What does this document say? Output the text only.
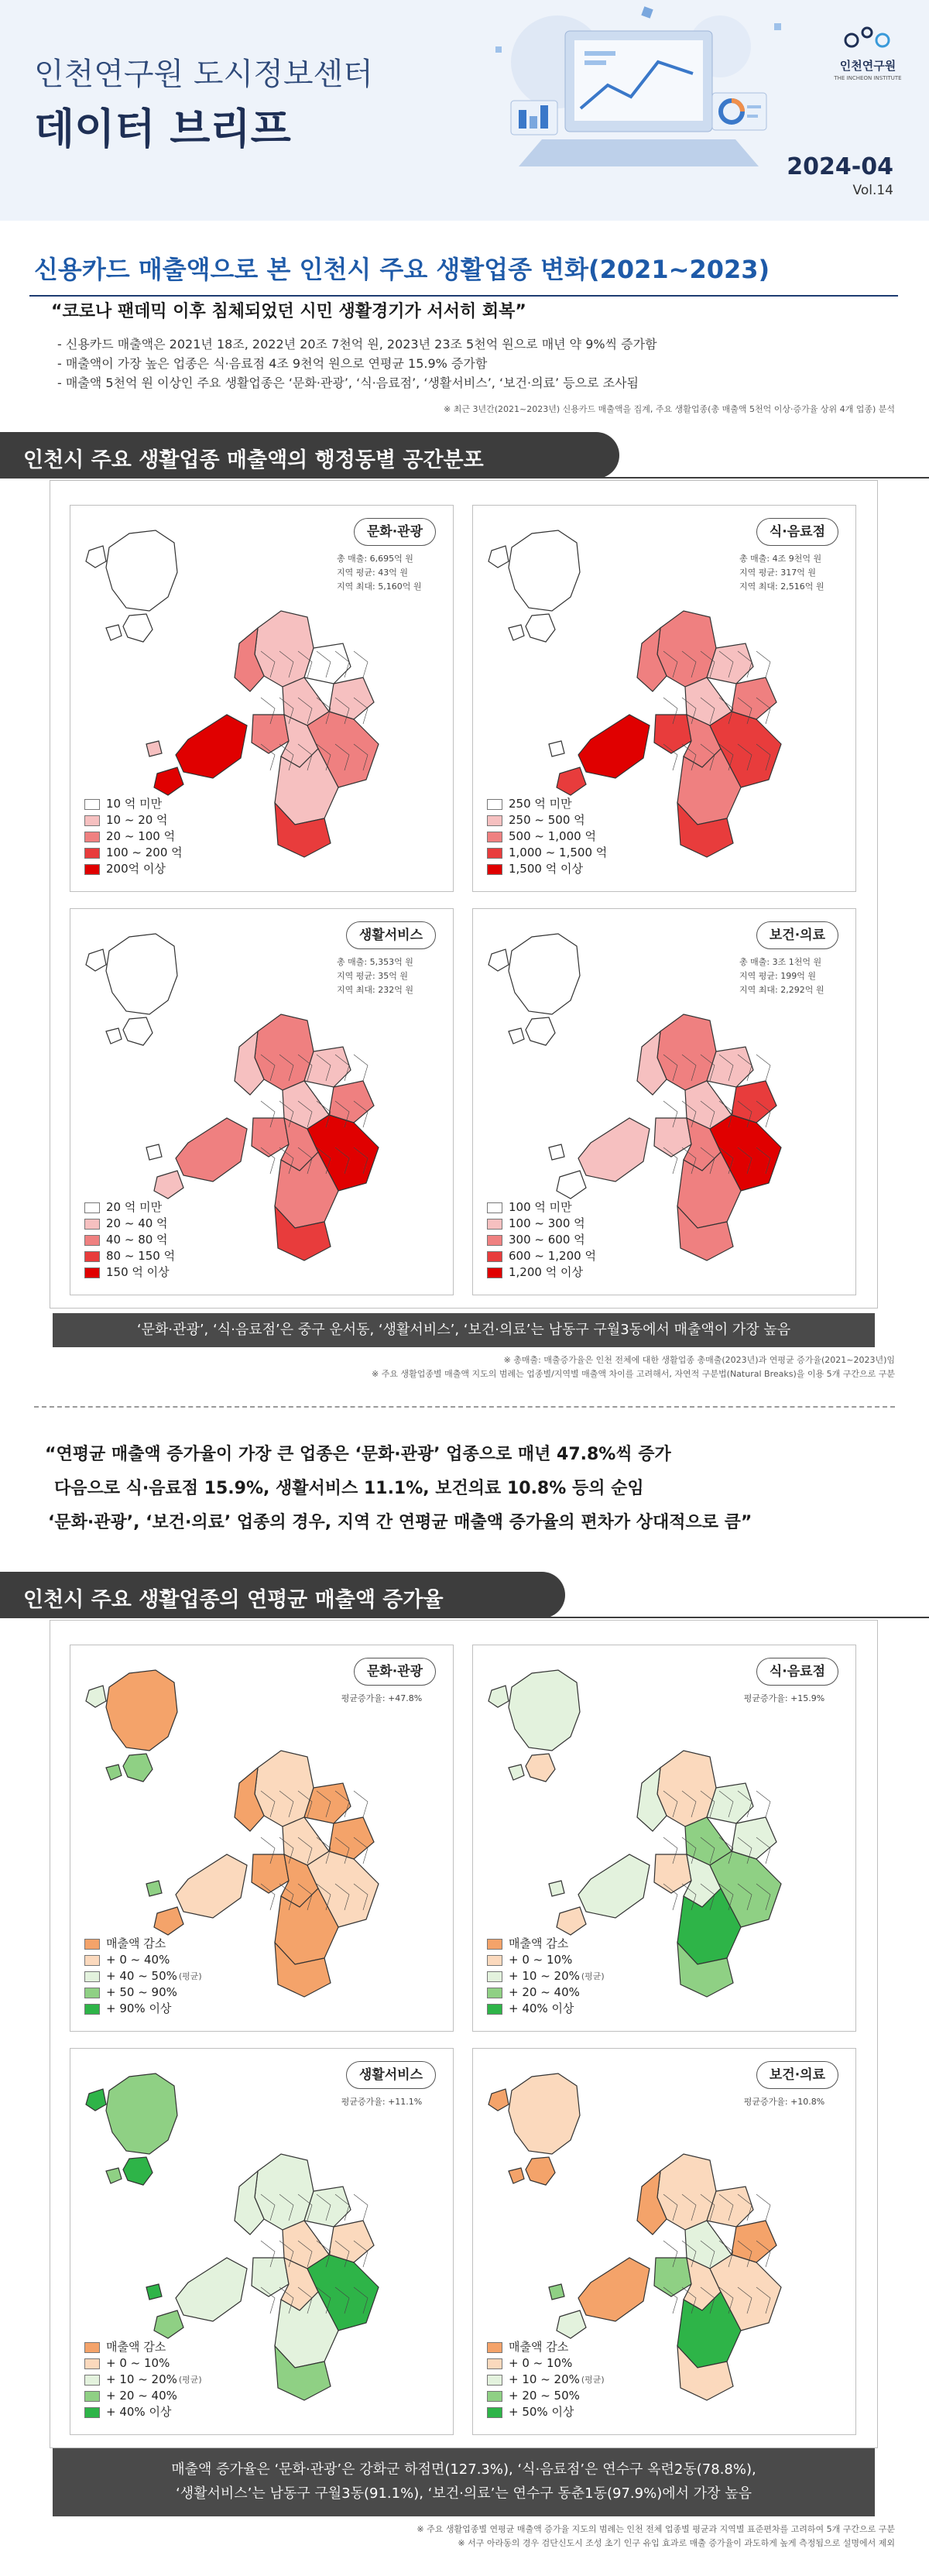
인천연구원 도시정보센터
데이터 브리프
인천연구원
THE INCHEON INSTITUTE
2024-04
Vol.14
신용카드 매출액으로 본 인천시 주요 생활업종 변화(2021~2023)
“코로나 팬데믹 이후 침체되었던 시민 생활경기가 서서히 회복”
- 신용카드 매출액은 2021년 18조, 2022년 20조 7천억 원, 2023년 23조 5천억 원으로 매년 약 9%씩 증가함
- 매출액이 가장 높은 업종은 식·음료점 4조 9천억 원으로 연평균 15.9% 증가함
- 매출액 5천억 원 이상인 주요 생활업종은 ‘문화·관광’, ‘식·음료점’, ‘생활서비스’, ‘보건·의료’ 등으로 조사됨
※ 최근 3년간(2021~2023년) 신용카드 매출액을 집계, 주요 생활업종(총 매출액 5천억 이상·증가율 상위 4개 업종) 분석
인천시 주요 생활업종 매출액의 행정동별 공간분포
문화·관광
총 매출: 6,695억 원
지역 평균: 43억 원
지역 최대: 5,160억 원
10 억 미만
10 ~ 20 억
20 ~ 100 억
100 ~ 200 억
200억 이상
식·음료점
총 매출: 4조 9천억 원
지역 평균: 317억 원
지역 최대: 2,516억 원
250 억 미만
250 ~ 500 억
500 ~ 1,000 억
1,000 ~ 1,500 억
1,500 억 이상
생활서비스
총 매출: 5,353억 원
지역 평균: 35억 원
지역 최대: 232억 원
20 억 미만
20 ~ 40 억
40 ~ 80 억
80 ~ 150 억
150 억 이상
보건·의료
총 매출: 3조 1천억 원
지역 평균: 199억 원
지역 최대: 2,292억 원
100 억 미만
100 ~ 300 억
300 ~ 600 억
600 ~ 1,200 억
1,200 억 이상
‘문화·관광’, ‘식·음료점’은 중구 운서동, ‘생활서비스’, ‘보건·의료’는 남동구 구월3동에서 매출액이 가장 높음
※ 총매출: 매출증가율은 인천 전체에 대한 생활업종 총매출(2023년)과 연평균 증가율(2021~2023년)임
※ 주요 생활업종별 매출액 지도의 범례는 업종별/지역별 매출액 차이를 고려해서, 자연적 구분법(Natural Breaks)을 이용 5개 구간으로 구분
“연평균 매출액 증가율이 가장 큰 업종은 ‘문화·관광’ 업종으로 매년 47.8%씩 증가
다음으로 식·음료점 15.9%, 생활서비스 11.1%, 보건의료 10.8% 등의 순임
‘문화·관광’, ‘보건·의료’ 업종의 경우, 지역 간 연평균 매출액 증가율의 편차가 상대적으로 큼”
인천시 주요 생활업종의 연평균 매출액 증가율
문화·관광
평균증가율: +47.8%
매출액 감소
+ 0 ~ 40%
+ 40 ~ 50% (평균)
+ 50 ~ 90%
+ 90% 이상
식·음료점
평균증가율: +15.9%
매출액 감소
+ 0 ~ 10%
+ 10 ~ 20% (평균)
+ 20 ~ 40%
+ 40% 이상
생활서비스
평균증가율: +11.1%
매출액 감소
+ 0 ~ 10%
+ 10 ~ 20% (평균)
+ 20 ~ 40%
+ 40% 이상
보건·의료
평균증가율: +10.8%
매출액 감소
+ 0 ~ 10%
+ 10 ~ 20% (평균)
+ 20 ~ 50%
+ 50% 이상
매출액 증가율은 ‘문화·관광’은 강화군 하점면(127.3%), ‘식·음료점’은 연수구 옥련2동(78.8%),
‘생활서비스’는 남동구 구월3동(91.1%), ‘보건·의료’는 연수구 동춘1동(97.9%)에서 가장 높음
※ 주요 생활업종별 연평균 매출액 증가율 지도의 범례는 인천 전체 업종별 평균과 지역별 표준편차를 고려하여 5개 구간으로 구분
※ 서구 아라동의 경우 검단신도시 조성 초기 인구 유입 효과로 매출 증가율이 과도하게 높게 측정됨으로 설명에서 제외
